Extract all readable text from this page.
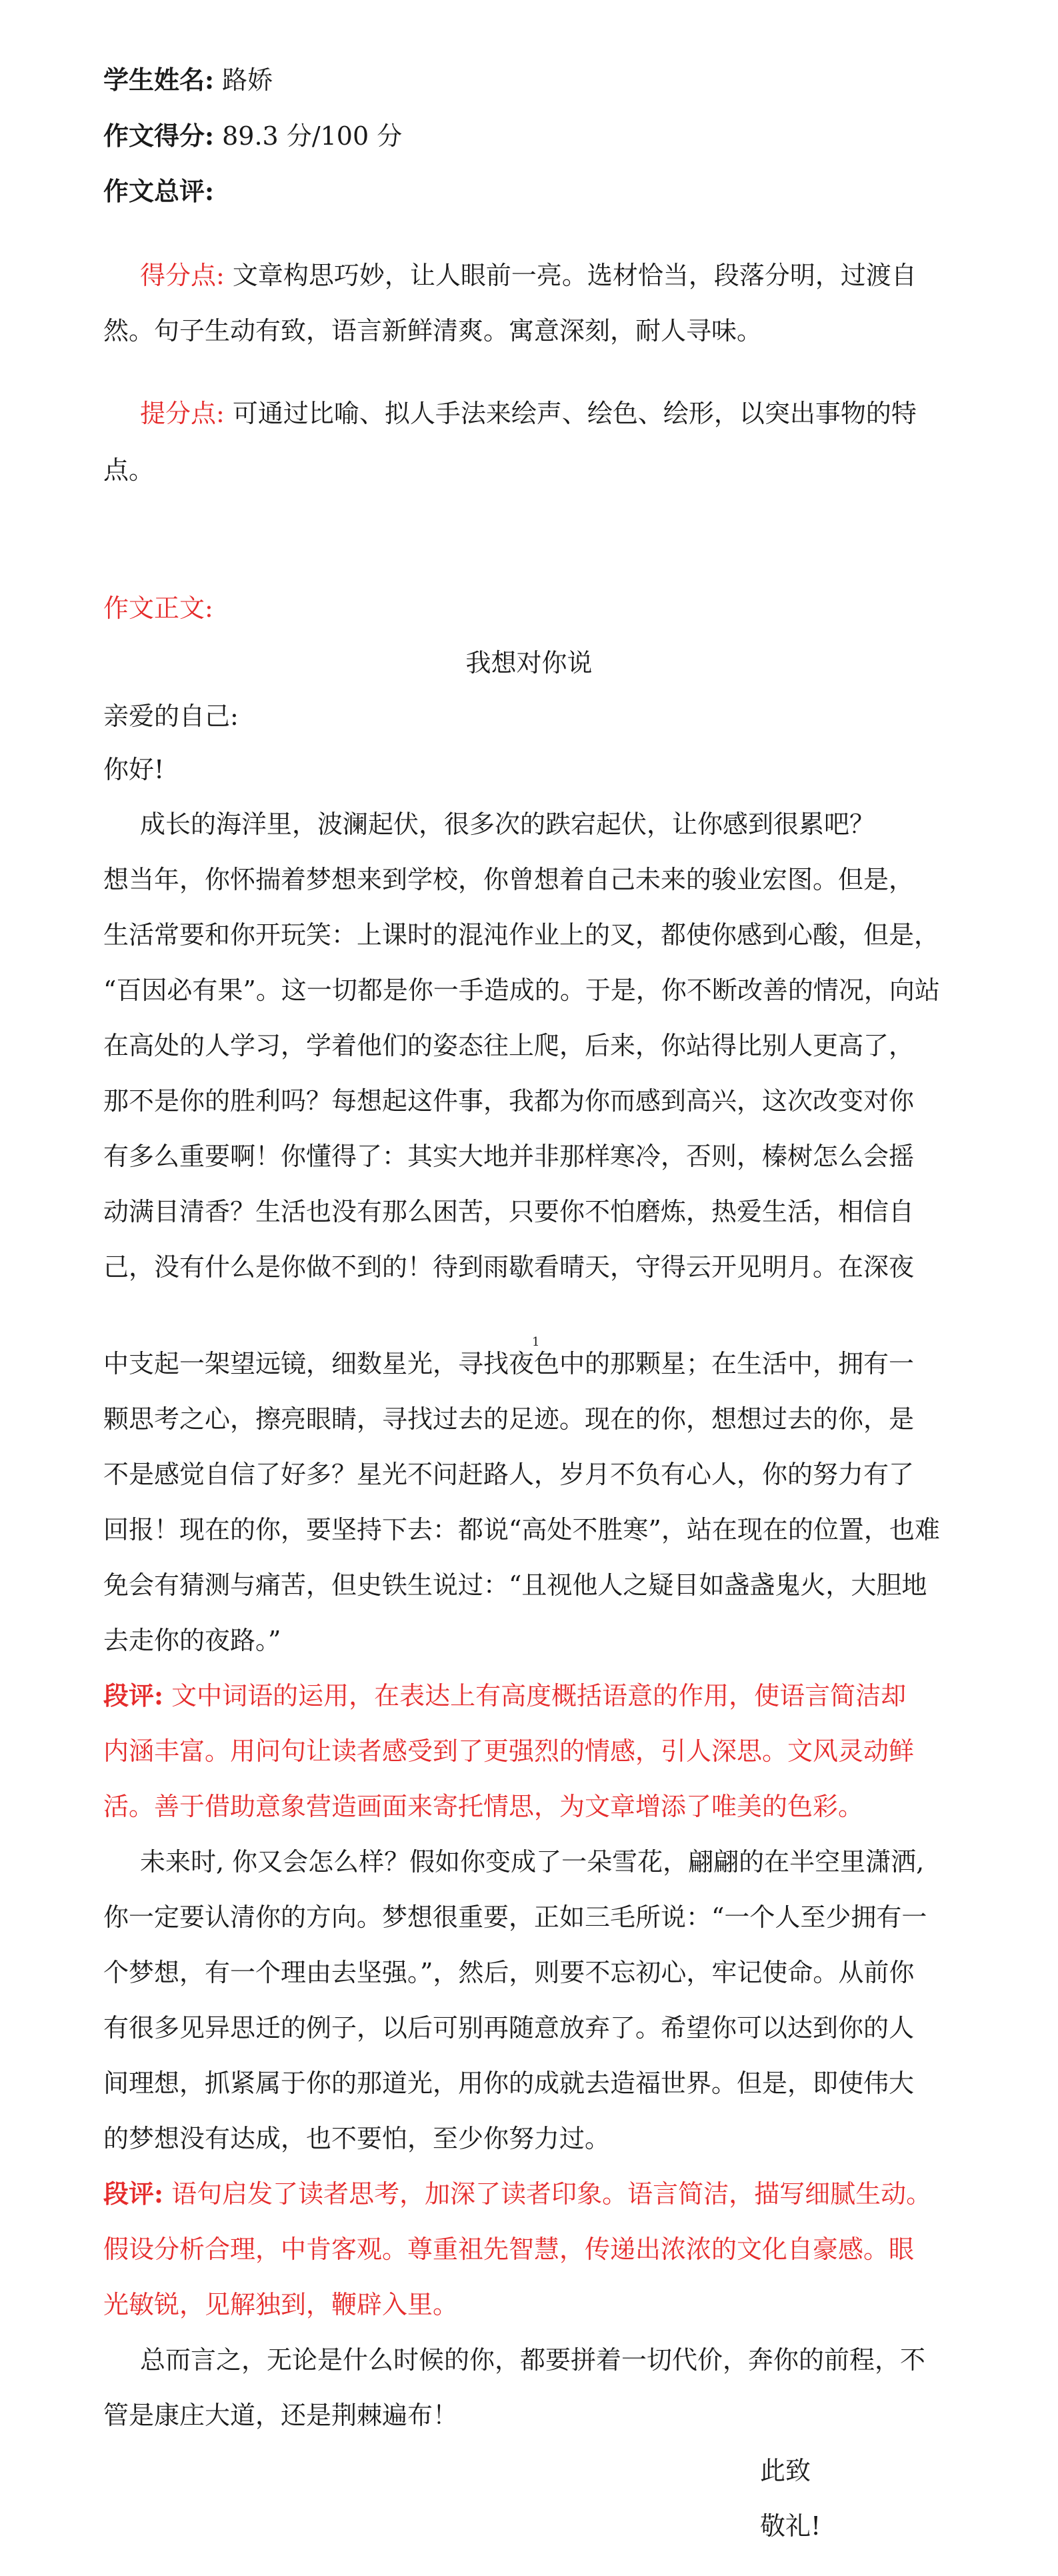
学生姓名: 路娇
作文得分: 89.3 分/100 分
作文总评:
得分点: 文章构思巧妙，让人眼前一亮。选材恰当，段落分明，过渡自
然。句子生动有致，语言新鲜清爽。寓意深刻，耐人寻味。
提分点: 可通过比喻、拟人手法来绘声、绘色、绘形，以突出事物的特
点。
作文正文:
我想对你说
亲爱的自己:
你好!
成长的海洋里，波澜起伏，很多次的跌宕起伏，让你感到很累吧？
想当年，你怀揣着梦想来到学校，你曾想着自己未来的骏业宏图。但是，
生活常要和你开玩笑：上课时的混沌作业上的叉，都使你感到心酸，但是，
“百因必有果”。这一切都是你一手造成的。于是，你不断改善的情况，向站
在高处的人学习，学着他们的姿态往上爬，后来，你站得比别人更高了，
那不是你的胜利吗？每想起这件事，我都为你而感到高兴，这次改变对你
有多么重要啊！你懂得了：其实大地并非那样寒冷，否则，榛树怎么会摇
动满目清香？生活也没有那么困苦，只要你不怕磨炼，热爱生活，相信自
己，没有什么是你做不到的！待到雨歇看晴天，守得云开见明月。在深夜
1
中支起一架望远镜，细数星光，寻找夜色中的那颗星；在生活中，拥有一
颗思考之心，擦亮眼睛，寻找过去的足迹。现在的你，想想过去的你，是
不是感觉自信了好多？星光不问赶路人，岁月不负有心人，你的努力有了
回报！现在的你，要坚持下去：都说“高处不胜寒”，站在现在的位置，也难
免会有猜测与痛苦，但史铁生说过：“且视他人之疑目如盏盏鬼火，大胆地
去走你的夜路。”
段评: 文中词语的运用，在表达上有高度概括语意的作用，使语言简洁却
内涵丰富。用问句让读者感受到了更强烈的情感，引人深思。文风灵动鲜
活。善于借助意象营造画面来寄托情思，为文章增添了唯美的色彩。
未来时, 你又会怎么样？假如你变成了一朵雪花，翩翩的在半空里潇洒,
你一定要认清你的方向。梦想很重要，正如三毛所说：“一个人至少拥有一
个梦想，有一个理由去坚强。”，然后，则要不忘初心，牢记使命。从前你
有很多见异思迁的例子，以后可别再随意放弃了。希望你可以达到你的人
间理想，抓紧属于你的那道光，用你的成就去造福世界。但是，即使伟大
的梦想没有达成，也不要怕，至少你努力过。
段评: 语句启发了读者思考，加深了读者印象。语言简洁，描写细腻生动。
假设分析合理，中肯客观。尊重祖先智慧，传递出浓浓的文化自豪感。眼
光敏锐，见解独到，鞭辟入里。
总而言之，无论是什么时候的你，都要拼着一切代价，奔你的前程，不
管是康庄大道，还是荆棘遍布！
此致
敬礼!
